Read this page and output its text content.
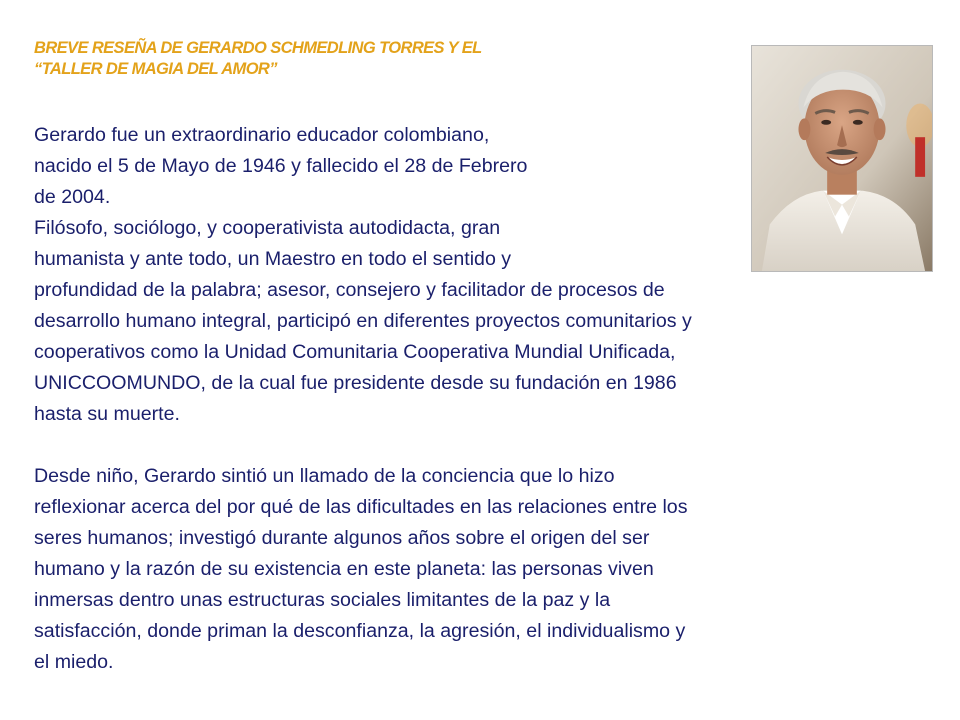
BREVE RESEÑA DE GERARDO SCHMEDLING TORRES Y EL
“TALLER DE MAGIA DEL AMOR”
Gerardo fue un extraordinario educador colombiano,
nacido el 5 de Mayo de 1946 y fallecido el 28 de Febrero
de 2004.
Filósofo, sociólogo, y cooperativista autodidacta, gran
humanista y ante todo, un Maestro en todo el sentido y
profundidad de la palabra; asesor, consejero y facilitador de procesos de
desarrollo humano integral, participó en diferentes proyectos comunitarios y
cooperativos como la Unidad Comunitaria Cooperativa Mundial Unificada,
UNICCOOMUNDO, de la cual fue presidente desde su fundación en 1986
hasta su muerte.
Desde niño, Gerardo sintió un llamado de la conciencia que lo hizo
reflexionar acerca del por qué de las dificultades en las relaciones entre los
seres humanos; investigó durante algunos años sobre el origen del ser
humano y la razón de su existencia en este planeta: las personas viven
inmersas dentro unas estructuras sociales limitantes de la paz y la
satisfacción, donde priman la desconfianza, la agresión, el individualismo y
el miedo.
